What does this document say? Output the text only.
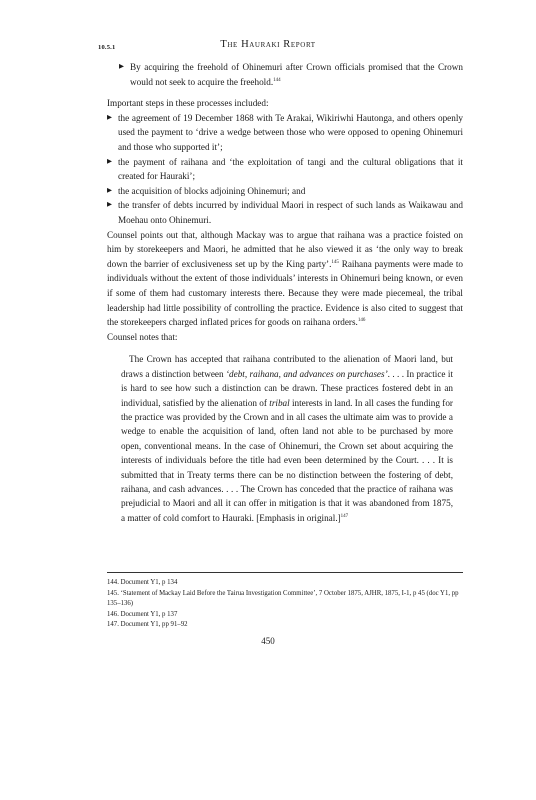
10.5.1	The Hauraki Report
▶ By acquiring the freehold of Ohinemuri after Crown officials promised that the Crown would not seek to acquire the freehold.$^{144}$

Important steps in these processes included:

▶ the agreement of 19 December 1868 with Te Arakai, Wikiriwhi Hautonga, and others openly used the payment to ‘drive a wedge between those who were opposed to opening Ohinemuri and those who supported it’;
▶ the payment of raihana and ‘the exploitation of tangi and the cultural obligations that it created for Hauraki’;
▶ the acquisition of blocks adjoining Ohinemuri; and
▶ the transfer of debts incurred by individual Maori in respect of such lands as Waikawau and Moehau onto Ohinemuri.

Counsel points out that, although Mackay was to argue that raihana was a practice foisted on him by storekeepers and Maori, he admitted that he also viewed it as ‘the only way to break down the barrier of exclusiveness set up by the King party’.$^{145}$ Raihana payments were made to individuals without the extent of those individuals’ interests in Ohinemuri being known, or even if some of them had customary interests there. Because they were made piecemeal, the tribal leadership had little possibility of controlling the practice. Evidence is also cited to suggest that the storekeepers charged inflated prices for goods on raihana orders.$^{146}$

Counsel notes that:

The Crown has accepted that raihana contributed to the alienation of Maori land, but draws a distinction between ‘debt, raihana, and advances on purchases’. . . . In practice it is hard to see how such a distinction can be drawn. These practices fostered debt in an individual, satisfied by the alienation of tribal interests in land. In all cases the funding for the practice was provided by the Crown and in all cases the ultimate aim was to provide a wedge to enable the acquisition of land, often land not able to be purchased by more open, conventional means. In the case of Ohinemuri, the Crown set about acquiring the interests of individuals before the title had even been determined by the Court. . . . It is submitted that in Treaty terms there can be no distinction between the fostering of debt, raihana, and cash advances. . . . The Crown has conceded that the practice of raihana was prejudicial to Maori and all it can offer in mitigation is that it was abandoned from 1875, a matter of cold comfort to Hauraki. [Emphasis in original.]$^{147}$

144. Document Y1, p 134
145. ‘Statement of Mackay Laid Before the Tairua Investigation Committee’, 7 October 1875, AJHR, 1875, I-1, p 45 (doc Y1, pp 135–136)
146. Document Y1, p 137
147. Document Y1, pp 91–92
450
